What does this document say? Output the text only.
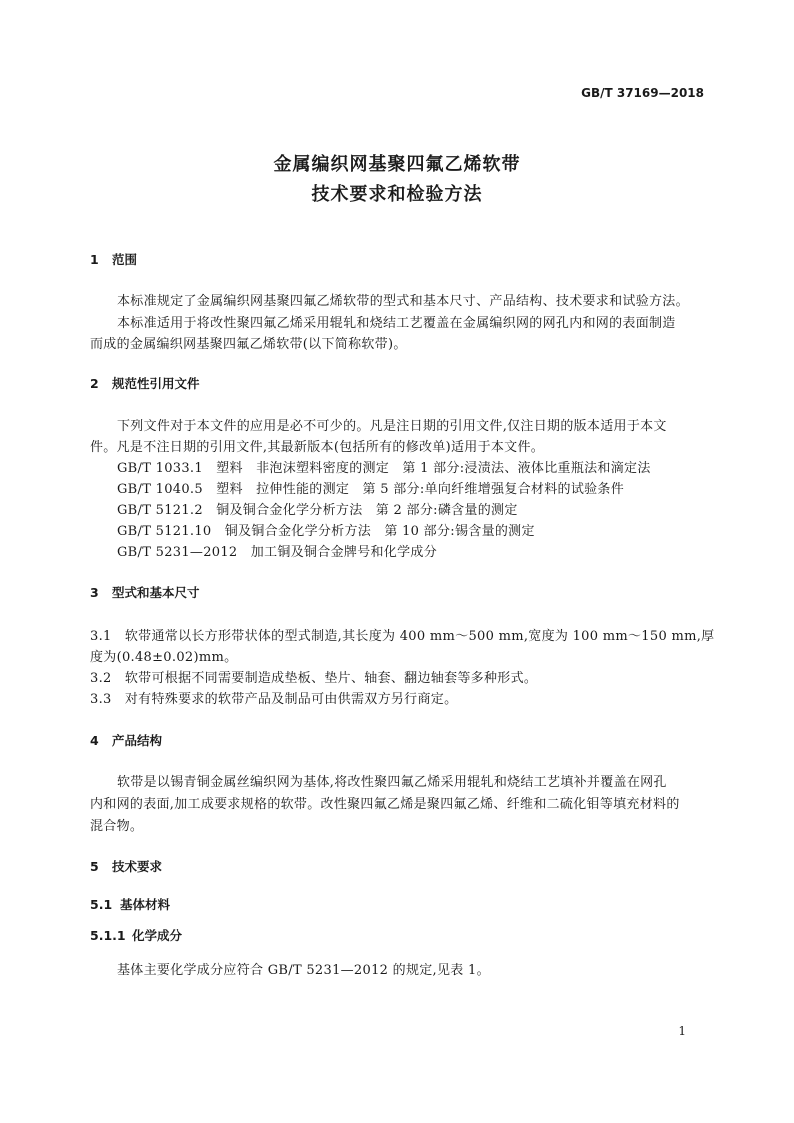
GB/T 37169—2018
金属编织网基聚四氟乙烯软带
技术要求和检验方法
1 范围
本标准规定了金属编织网基聚四氟乙烯软带的型式和基本尺寸、产品结构、技术要求和试验方法。
本标准适用于将改性聚四氟乙烯采用辊轧和烧结工艺覆盖在金属编织网的网孔内和网的表面制造
而成的金属编织网基聚四氟乙烯软带(以下简称软带)。
2 规范性引用文件
下列文件对于本文件的应用是必不可少的。凡是注日期的引用文件,仅注日期的版本适用于本文
件。凡是不注日期的引用文件,其最新版本(包括所有的修改单)适用于本文件。
GB/T 1033.1　塑料　非泡沫塑料密度的测定　第 1 部分:浸渍法、液体比重瓶法和滴定法
GB/T 1040.5　塑料　拉伸性能的测定　第 5 部分:单向纤维增强复合材料的试验条件
GB/T 5121.2　铜及铜合金化学分析方法　第 2 部分:磷含量的测定
GB/T 5121.10　铜及铜合金化学分析方法　第 10 部分:锡含量的测定
GB/T 5231—2012　加工铜及铜合金牌号和化学成分
3 型式和基本尺寸
3.1　软带通常以长方形带状体的型式制造,其长度为 400 mm～500 mm,宽度为 100 mm～150 mm,厚
度为(0.48±0.02)mm。
3.2　软带可根据不同需要制造成垫板、垫片、轴套、翻边轴套等多种形式。
3.3　对有特殊要求的软带产品及制品可由供需双方另行商定。
4 产品结构
软带是以锡青铜金属丝编织网为基体,将改性聚四氟乙烯采用辊轧和烧结工艺填补并覆盖在网孔
内和网的表面,加工成要求规格的软带。改性聚四氟乙烯是聚四氟乙烯、纤维和二硫化钼等填充材料的
混合物。
5 技术要求
5.1 基体材料
5.1.1 化学成分
基体主要化学成分应符合 GB/T 5231—2012 的规定,见表 1。
1
